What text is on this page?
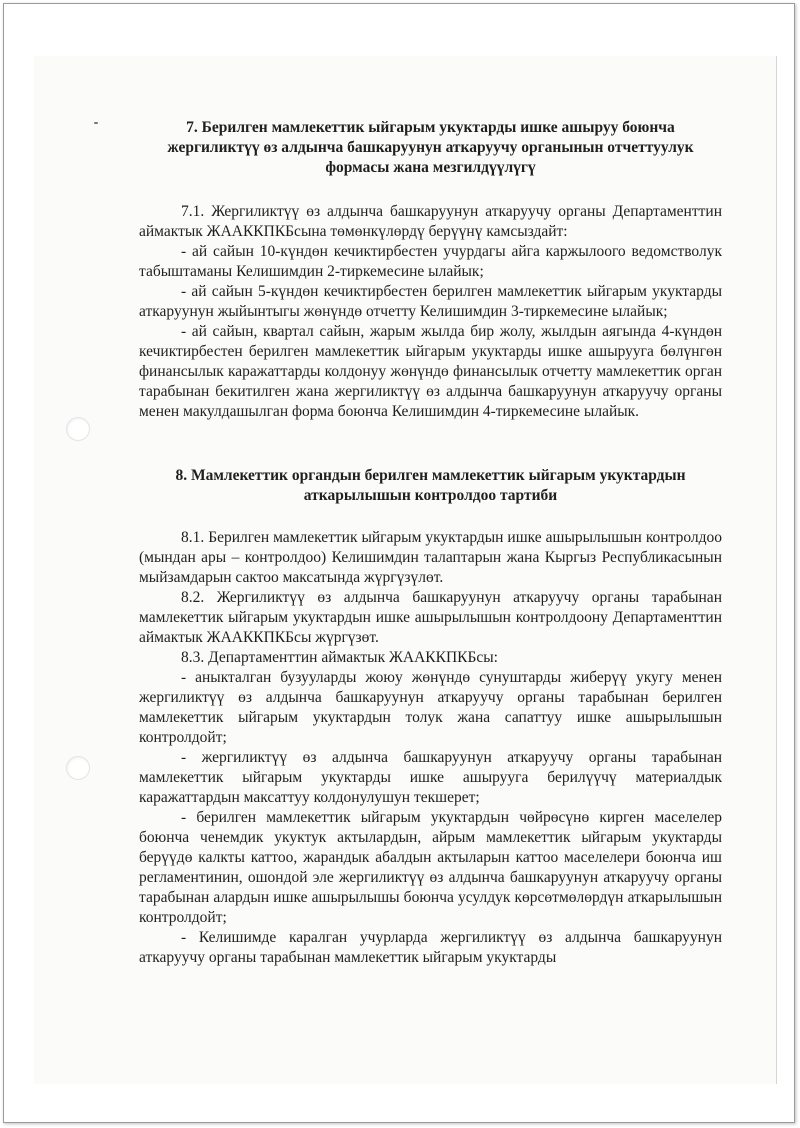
7. Берилген мамлекеттик ыйгарым укуктарды ишке ашыруу боюнча жергиликтүү өз алдынча башкаруунун аткаруучу органынын отчеттуулук формасы жана мезгилдүүлүгү

7.1. Жергиликтүү өз алдынча башкаруунун аткаруучу органы Департаменттин аймактык ЖААККПКБсына төмөнкүлөрдү берүүнү камсыздайт:

- ай сайын 10-күндөн кечиктирбестен учурдагы айга каржылоого ведомстволук табыштаманы Келишимдин 2-тиркемесине ылайык;

- ай сайын 5-күндөн кечиктирбестен берилген мамлекеттик ыйгарым укуктарды аткаруунун жыйынтыгы жөнүндө отчетту Келишимдин 3-тиркемесине ылайык;

- ай сайын, квартал сайын, жарым жылда бир жолу, жылдын аягында 4-күндөн кечиктирбестен берилген мамлекеттик ыйгарым укуктарды ишке ашырууга бөлүнгөн финансылык каражаттарды колдонуу жөнүндө финансылык отчетту мамлекеттик орган тарабынан бекитилген жана жергиликтүү өз алдынча башкаруунун аткаруучу органы менен макулдашылган форма боюнча Келишимдин 4-тиркемесине ылайык.

8. Мамлекеттик органдын берилген мамлекеттик ыйгарым укуктардын аткарылышын контролдоо тартиби

8.1. Берилген мамлекеттик ыйгарым укуктардын ишке ашырылышын контролдоо (мындан ары – контролдоо) Келишимдин талаптарын жана Кыргыз Республикасынын мыйзамдарын сактоо максатында жүргүзүлөт.

8.2. Жергиликтүү өз алдынча башкаруунун аткаруучу органы тарабынан мамлекеттик ыйгарым укуктардын ишке ашырылышын контролдоону Департаменттин аймактык ЖААККПКБсы жүргүзөт.

8.3. Департаменттин аймактык ЖААККПКБсы:

- аныкталган бузууларды жоюу жөнүндө сунуштарды жиберүү укугу менен жергиликтүү өз алдынча башкаруунун аткаруучу органы тарабынан берилген мамлекеттик ыйгарым укуктардын толук жана сапаттуу ишке ашырылышын контролдойт;

- жергиликтүү өз алдынча башкаруунун аткаруучу органы тарабынан мамлекеттик ыйгарым укуктарды ишке ашырууга берилүүчү материалдык каражаттардын максаттуу колдонулушун текшерет;

- берилген мамлекеттик ыйгарым укуктардын чөйрөсүнө кирген маселелер боюнча ченемдик укуктук актылардын, айрым мамлекеттик ыйгарым укуктарды берүүдө калкты каттоо, жарандык абалдын актыларын каттоо маселелери боюнча иш регламентинин, ошондой эле жергиликтүү өз алдынча башкаруунун аткаруучу органы тарабынан алардын ишке ашырылышы боюнча усулдук көрсөтмөлөрдүн аткарылышын контролдойт;

- Келишимде каралган учурларда жергиликтүү өз алдынча башкаруунун аткаруучу органы тарабынан мамлекеттик ыйгарым укуктарды
